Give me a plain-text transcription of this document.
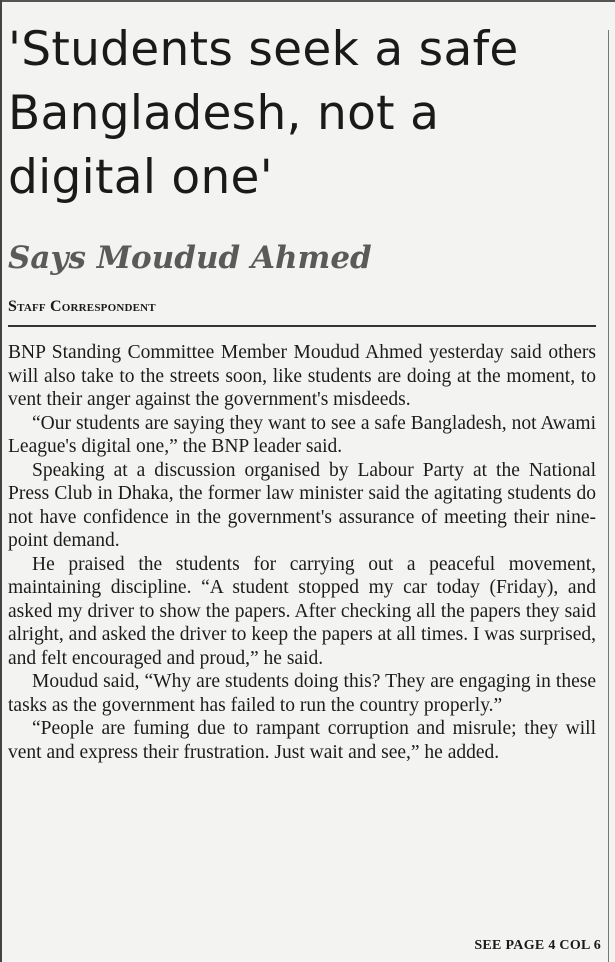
'Students seek a safe Bangladesh, not a digital one'
Says Moudud Ahmed
Staff Correspondent

BNP Standing Committee Member Moudud Ahmed yesterday said others will also take to the streets soon, like students are doing at the moment, to vent their anger against the government's misdeeds.

“Our students are saying they want to see a safe Bangladesh, not Awami League's digital one,” the BNP leader said.

Speaking at a discussion organised by Labour Party at the National Press Club in Dhaka, the former law minister said the agitating students do not have confidence in the government's assurance of meeting their nine-point demand.

He praised the students for carrying out a peaceful movement, maintaining discipline. “A student stopped my car today (Friday), and asked my driver to show the papers. After checking all the papers they said alright, and asked the driver to keep the papers at all times. I was surprised, and felt encouraged and proud,” he said.

Moudud said, “Why are students doing this? They are engaging in these tasks as the government has failed to run the country properly.”

“People are fuming due to rampant corruption and misrule; they will vent and express their frustration. Just wait and see,” he added.

SEE PAGE 4 COL 6
